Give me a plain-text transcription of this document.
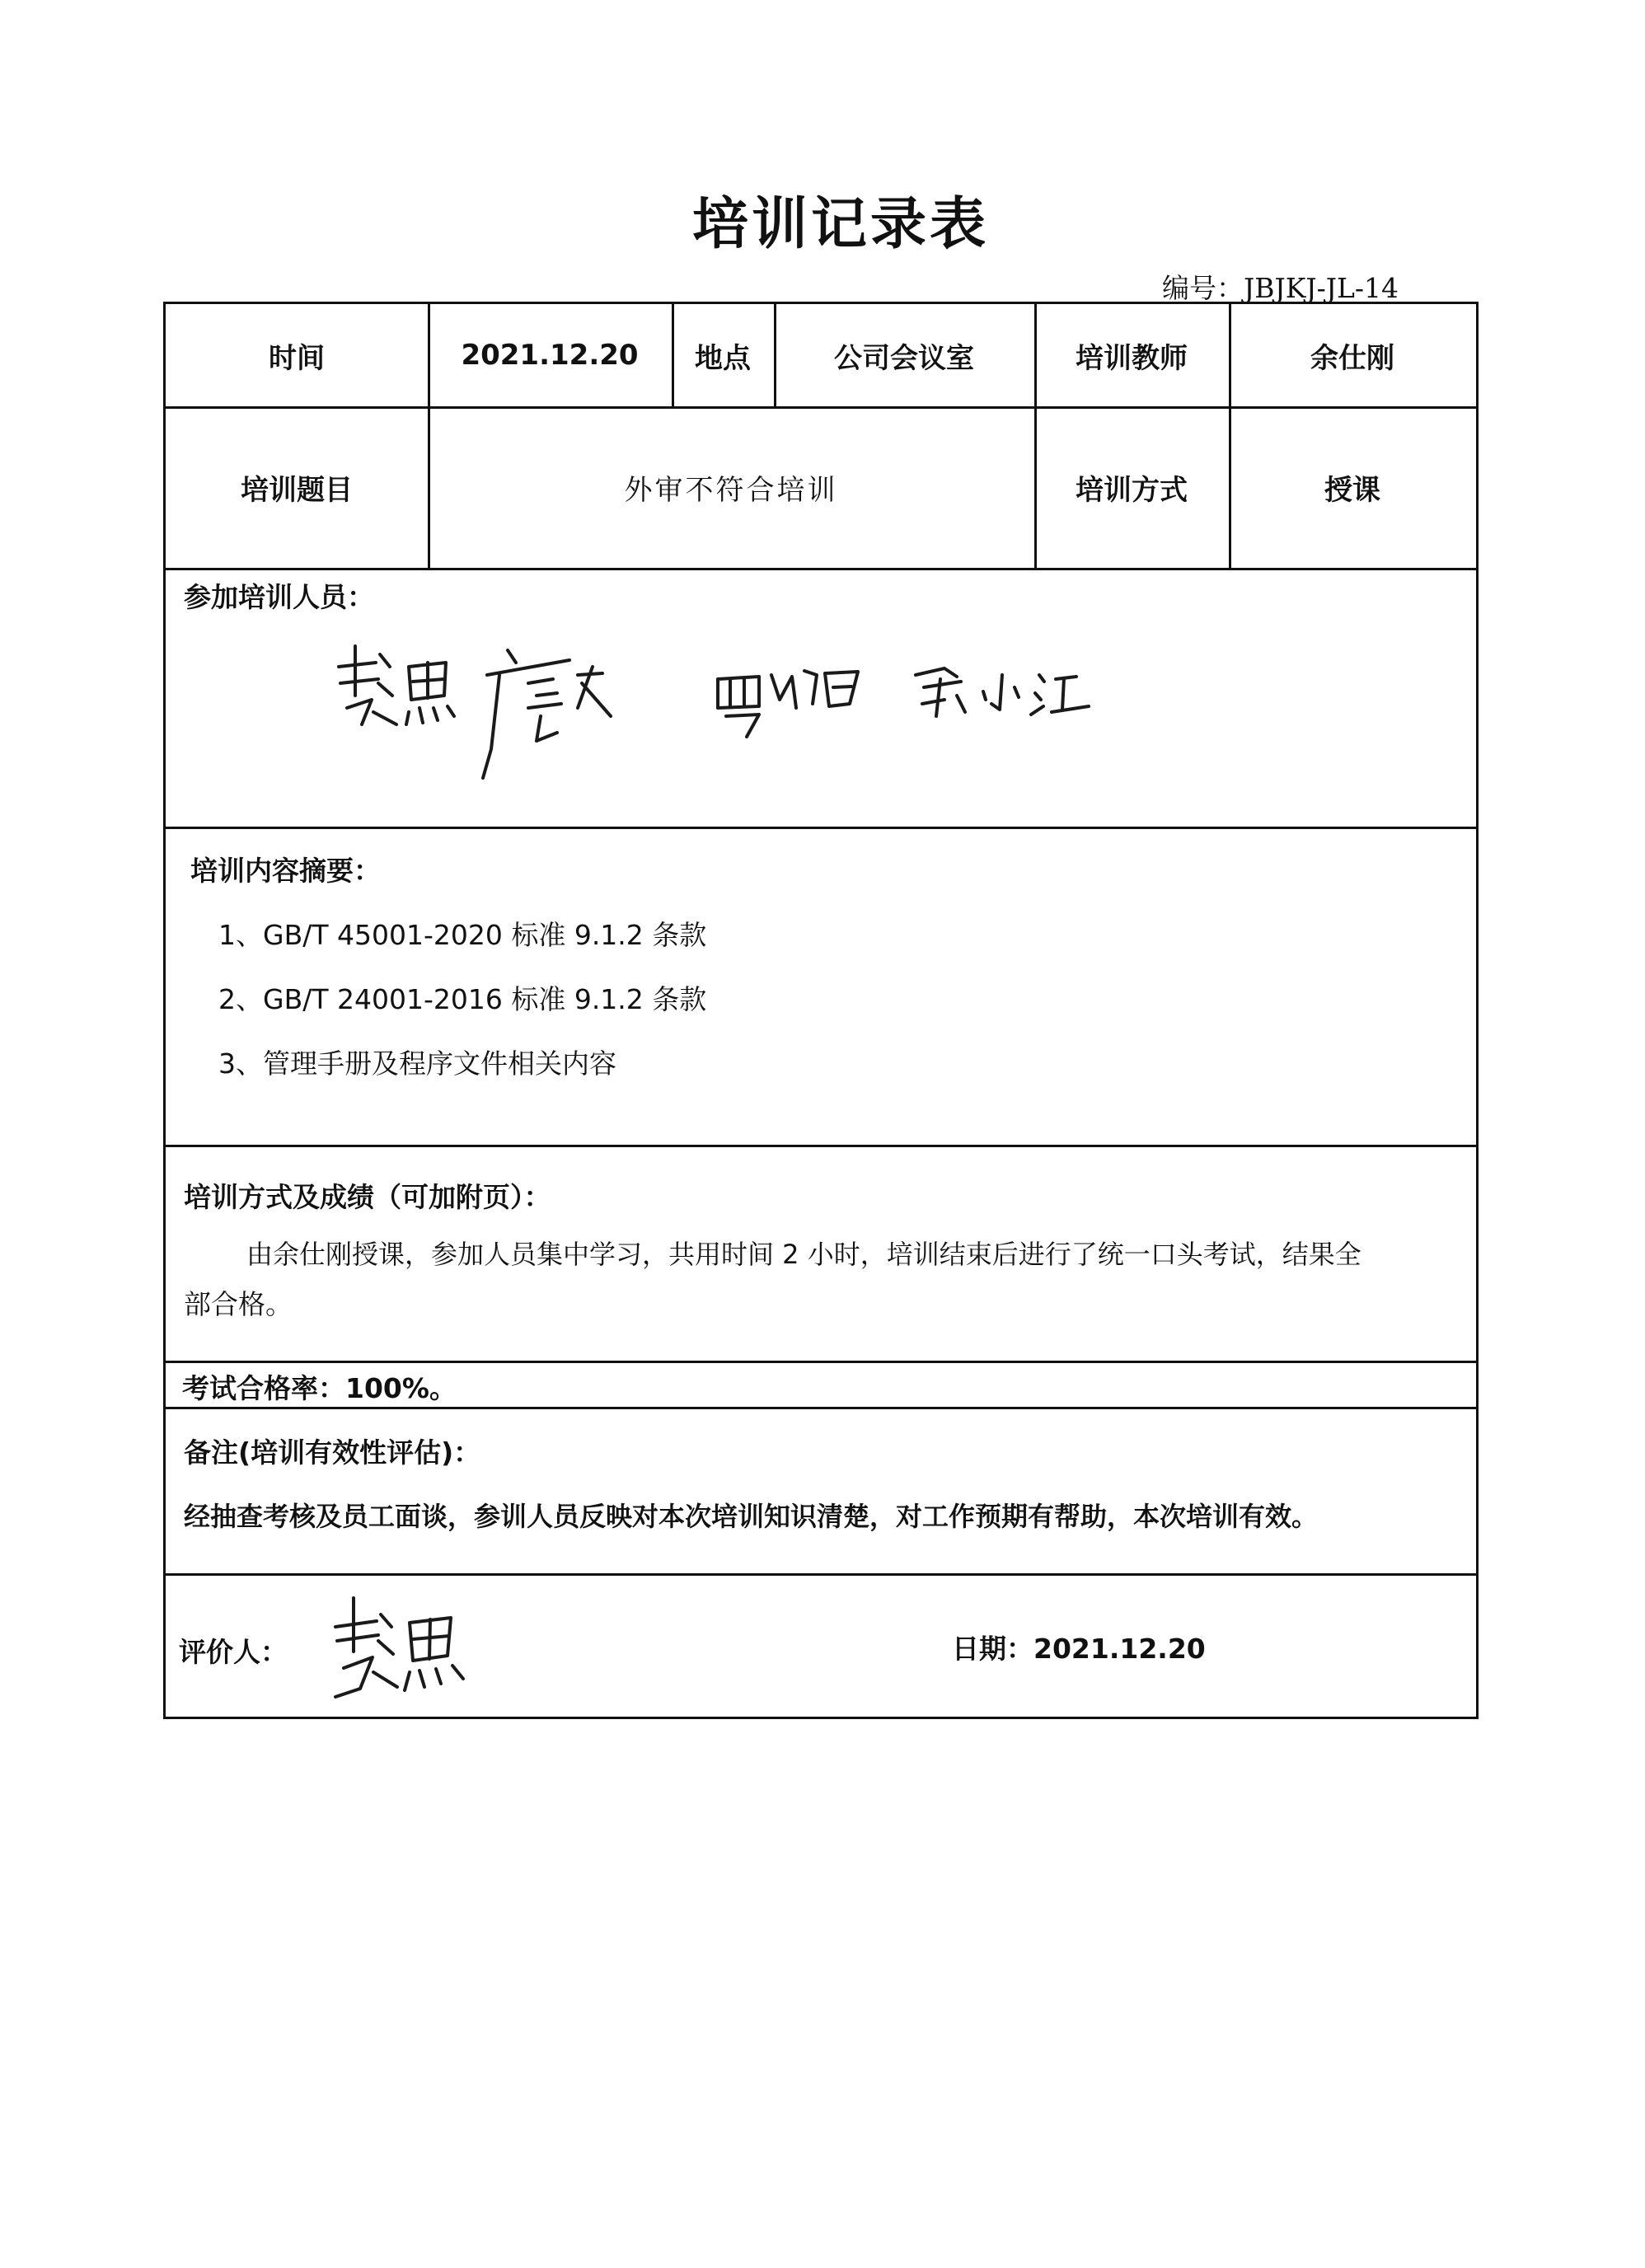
培训记录表
编号：JBJKJ-JL-14
时间	2021.12.20	地点	公司会议室	培训教师	余仕刚
培训题目	外审不符合培训	培训方式	授课
参加培训人员：
培训内容摘要：
1、GB/T 45001-2020 标准 9.1.2 条款
2、GB/T 24001-2016 标准 9.1.2 条款
3、管理手册及程序文件相关内容
培训方式及成绩（可加附页）：
由余仕刚授课，参加人员集中学习，共用时间 2 小时，培训结束后进行了统一口头考试，结果全
部合格。
考试合格率：100%。
备注(培训有效性评估)：
经抽查考核及员工面谈，参训人员反映对本次培训知识清楚，对工作预期有帮助，本次培训有效。
评价人：	日期：2021.12.20
